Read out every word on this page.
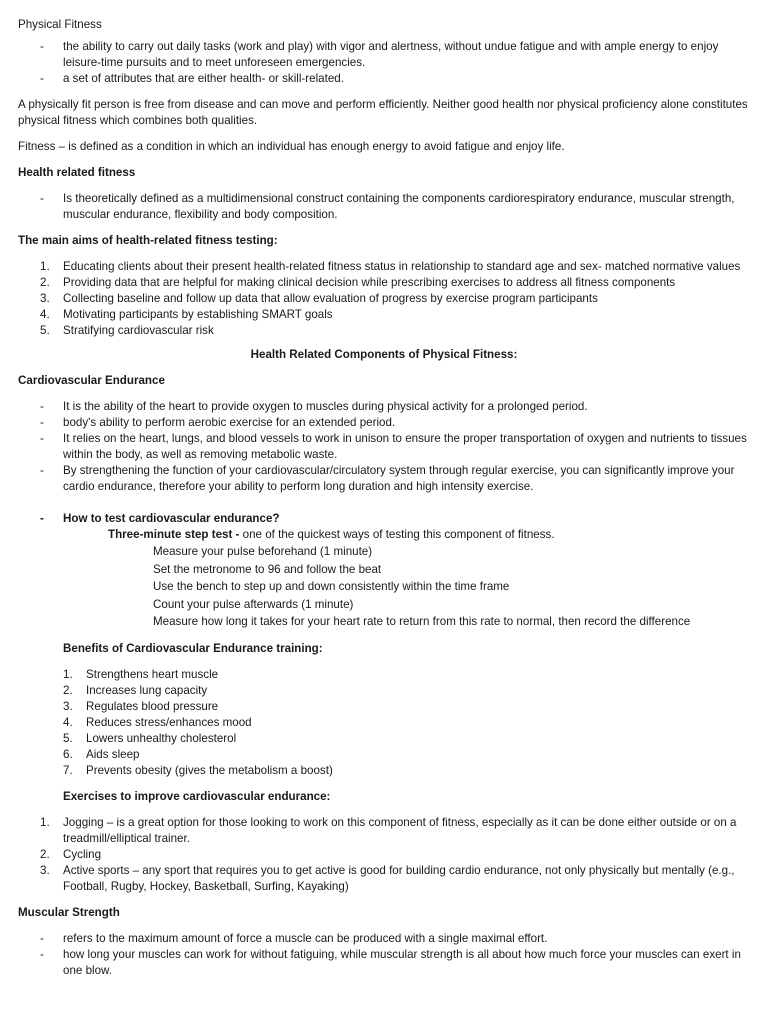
Physical Fitness

- the ability to carry out daily tasks (work and play) with vigor and alertness, without undue fatigue and with ample energy to enjoy leisure-time pursuits and to meet unforeseen emergencies.
- a set of attributes that are either health- or skill-related.

A physically fit person is free from disease and can move and perform efficiently. Neither good health nor physical proficiency alone constitutes physical fitness which combines both qualities.

Fitness – is defined as a condition in which an individual has enough energy to avoid fatigue and enjoy life.

Health related fitness

- Is theoretically defined as a multidimensional construct containing the components cardiorespiratory endurance, muscular strength, muscular endurance, flexibility and body composition.

The main aims of health-related fitness testing:

1. Educating clients about their present health-related fitness status in relationship to standard age and sex- matched normative values
2. Providing data that are helpful for making clinical decision while prescribing exercises to address all fitness components
3. Collecting baseline and follow up data that allow evaluation of progress by exercise program participants
4. Motivating participants by establishing SMART goals
5. Stratifying cardiovascular risk

Health Related Components of Physical Fitness:

Cardiovascular Endurance

- It is the ability of the heart to provide oxygen to muscles during physical activity for a prolonged period.
- body's ability to perform aerobic exercise for an extended period.
- It relies on the heart, lungs, and blood vessels to work in unison to ensure the proper transportation of oxygen and nutrients to tissues within the body, as well as removing metabolic waste.
- By strengthening the function of your cardiovascular/circulatory system through regular exercise, you can significantly improve your cardio endurance, therefore your ability to perform long duration and high intensity exercise.

- How to test cardiovascular endurance?

Three-minute step test - one of the quickest ways of testing this component of fitness.

Measure your pulse beforehand (1 minute)

Set the metronome to 96 and follow the beat

Use the bench to step up and down consistently within the time frame

Count your pulse afterwards (1 minute)

Measure how long it takes for your heart rate to return from this rate to normal, then record the difference

Benefits of Cardiovascular Endurance training:

1. Strengthens heart muscle
2. Increases lung capacity
3. Regulates blood pressure
4. Reduces stress/enhances mood
5. Lowers unhealthy cholesterol
6. Aids sleep
7. Prevents obesity (gives the metabolism a boost)

Exercises to improve cardiovascular endurance:

1. Jogging – is a great option for those looking to work on this component of fitness, especially as it can be done either outside or on a treadmill/elliptical trainer.
2. Cycling
3. Active sports – any sport that requires you to get active is good for building cardio endurance, not only physically but mentally (e.g., Football, Rugby, Hockey, Basketball, Surfing, Kayaking)

Muscular Strength

- refers to the maximum amount of force a muscle can be produced with a single maximal effort.
- how long your muscles can work for without fatiguing, while muscular strength is all about how much force your muscles can exert in one blow.
